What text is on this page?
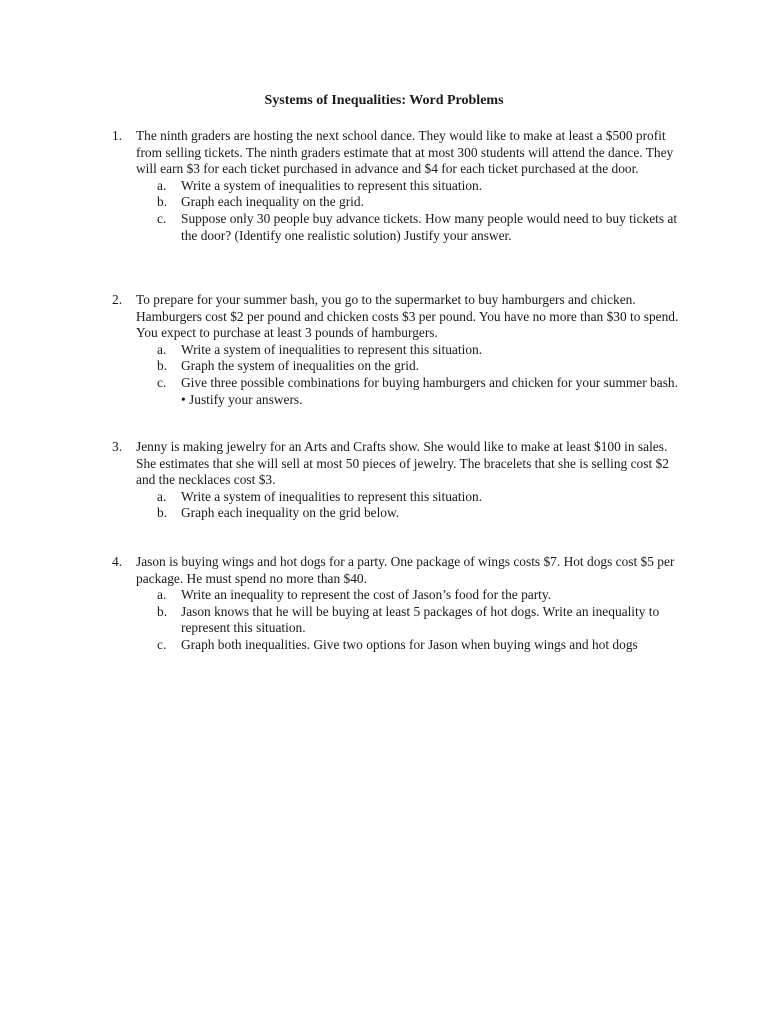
Systems of Inequalities: Word Problems
1. The ninth graders are hosting the next school dance. They would like to make at least a $500 profit from selling tickets. The ninth graders estimate that at most 300 students will attend the dance. They will earn $3 for each ticket purchased in advance and $4 for each ticket purchased at the door.
a. Write a system of inequalities to represent this situation.
b. Graph each inequality on the grid.
c. Suppose only 30 people buy advance tickets. How many people would need to buy tickets at the door? (Identify one realistic solution) Justify your answer.
2. To prepare for your summer bash, you go to the supermarket to buy hamburgers and chicken. Hamburgers cost $2 per pound and chicken costs $3 per pound. You have no more than $30 to spend. You expect to purchase at least 3 pounds of hamburgers.
a. Write a system of inequalities to represent this situation.
b. Graph the system of inequalities on the grid.
c. Give three possible combinations for buying hamburgers and chicken for your summer bash. • Justify your answers.
3. Jenny is making jewelry for an Arts and Crafts show. She would like to make at least $100 in sales. She estimates that she will sell at most 50 pieces of jewelry. The bracelets that she is selling cost $2 and the necklaces cost $3.
a. Write a system of inequalities to represent this situation.
b. Graph each inequality on the grid below.
4. Jason is buying wings and hot dogs for a party. One package of wings costs $7. Hot dogs cost $5 per package. He must spend no more than $40.
a. Write an inequality to represent the cost of Jason’s food for the party.
b. Jason knows that he will be buying at least 5 packages of hot dogs. Write an inequality to represent this situation.
c. Graph both inequalities. Give two options for Jason when buying wings and hot dogs
